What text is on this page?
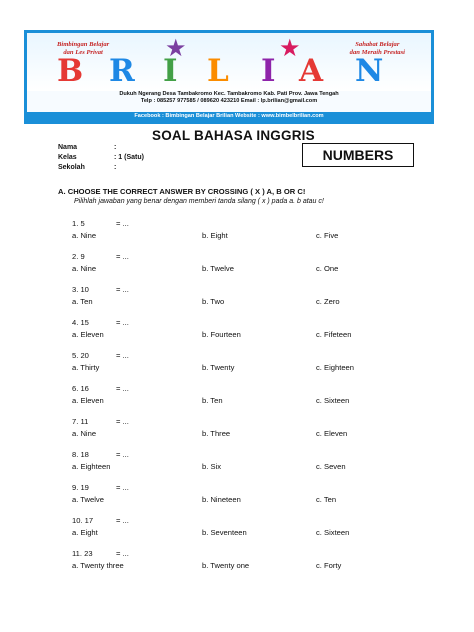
Bimbingan Belajar
dan Les Privat
Sahabat Belajar
dan Meraih Prestasi
★	★
B R I L I A N
Dukuh Ngerang Desa Tambakromo Kec. Tambakromo Kab. Pati Prov. Jawa Tengah
Telp : 085257 977585 / 089620 423210 Email : lp.brilian@gmail.com
Facebook : Bimbingan Belajar Brilian Website : www.bimbelbrilian.com
SOAL BAHASA INGGRIS
Nama	:
Kelas	: 1 (Satu)
Sekolah	:
NUMBERS
A. CHOOSE THE CORRECT ANSWER BY CROSSING ( X ) A, B OR C!
Pilihlah jawaban yang benar dengan memberi tanda silang ( x ) pada a. b atau c!
1. 5	= ...
a. Nine	b. Eight	c. Five
2. 9	= ...
a. Nine	b. Twelve	c. One
3. 10	= ...
a. Ten	b. Two	c. Zero
4. 15	= ...
a. Eleven	b. Fourteen	c. Fifeteen
5. 20	= ...
a. Thirty	b. Twenty	c. Eighteen
6. 16	= ...
a. Eleven	b. Ten	c. Sixteen
7. 11	= ...
a. Nine	b. Three	c. Eleven
8. 18	= ...
a. Eighteen	b. Six	c. Seven
9. 19	= ...
a. Twelve	b. Nineteen	c. Ten
10. 17	= ...
a. Eight	b. Seventeen	c. Sixteen
11. 23	= ...
a. Twenty three	b. Twenty one	c. Forty
